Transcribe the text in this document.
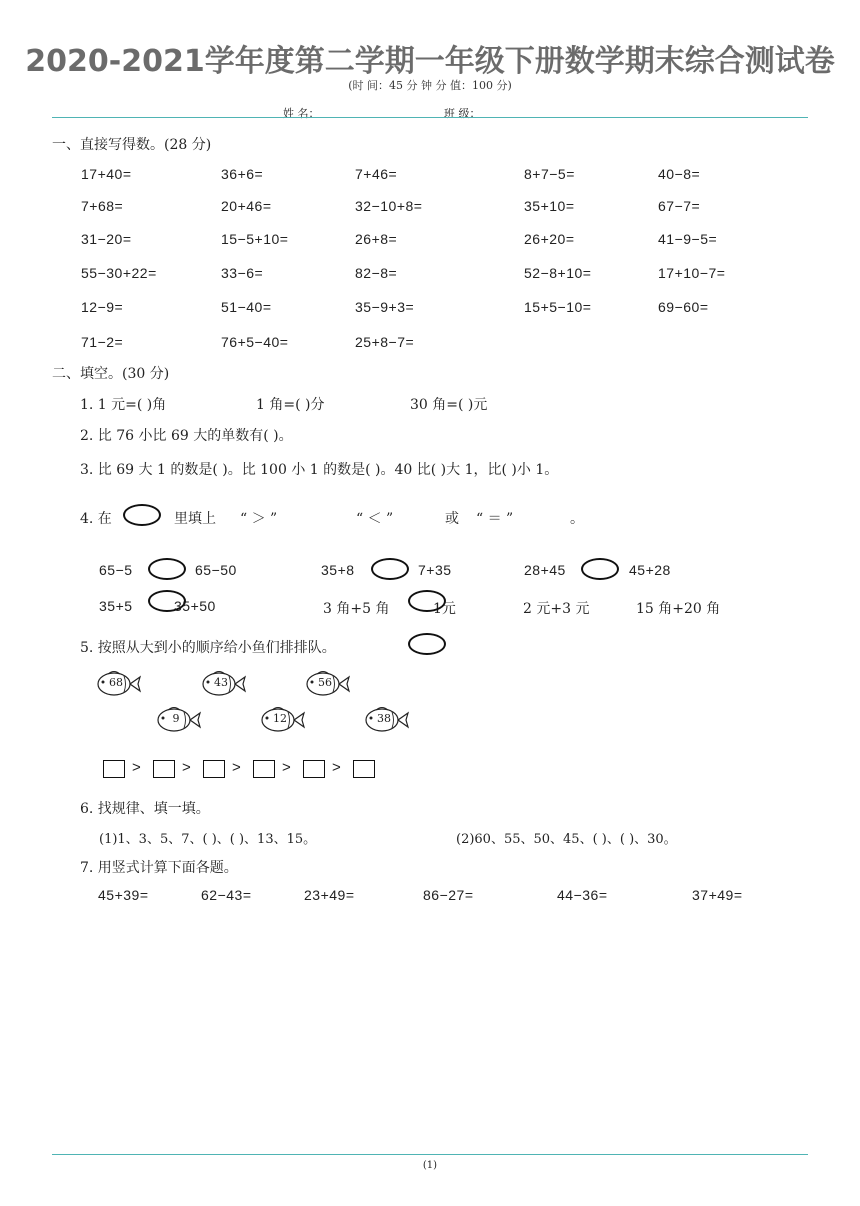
2020-2021学年度第二学期一年级下册数学期末综合测试卷
(时 间：45 分 钟 分 值：100 分)
姓 名：	班 级：
一、直接写得数。(28 分)
17+40=	36+6=	7+46=	8+7−5=	40−8=
7+68=	20+46=	32−10+8=	35+10=	67−7=
31−20=	15−5+10=	26+8=	26+20=	41−9−5=
55−30+22=	33−6=	82−8=	52−8+10=	17+10−7=
12−9=	51−40=	35−9+3=	15+5−10=	69−60=
71−2=	76+5−40=	25+8−7=
二、填空。(30 分)
1. 1 元=( )角	1 角=( )分	30 角=( )元
2. 比 76 小比 69 大的单数有( )。
3. 比 69 大 1 的数是( )。比 100 小 1 的数是( )。40 比( )大 1，比( )小 1。
4. 在	里填上 “ ＞ ”	“ ＜ ”	或 “ ＝ ”	。
65−5	65−50	35+8	7+35	28+45	45+28
35+5	35+50	3 角+5 角	1元	2 元+3 元	15 角+20 角
5. 按照从大到小的顺序给小鱼们排排队。
68	43	56
9	12	38
>	>	>	>	>
6. 找规律、填一填。
(1)1、3、5、7、( )、( )、13、15。	(2)60、55、50、45、( )、( )、30。
7. 用竖式计算下面各题。
45+39=	62−43=	23+49=	86−27=	44−36=	37+49=
(1)
